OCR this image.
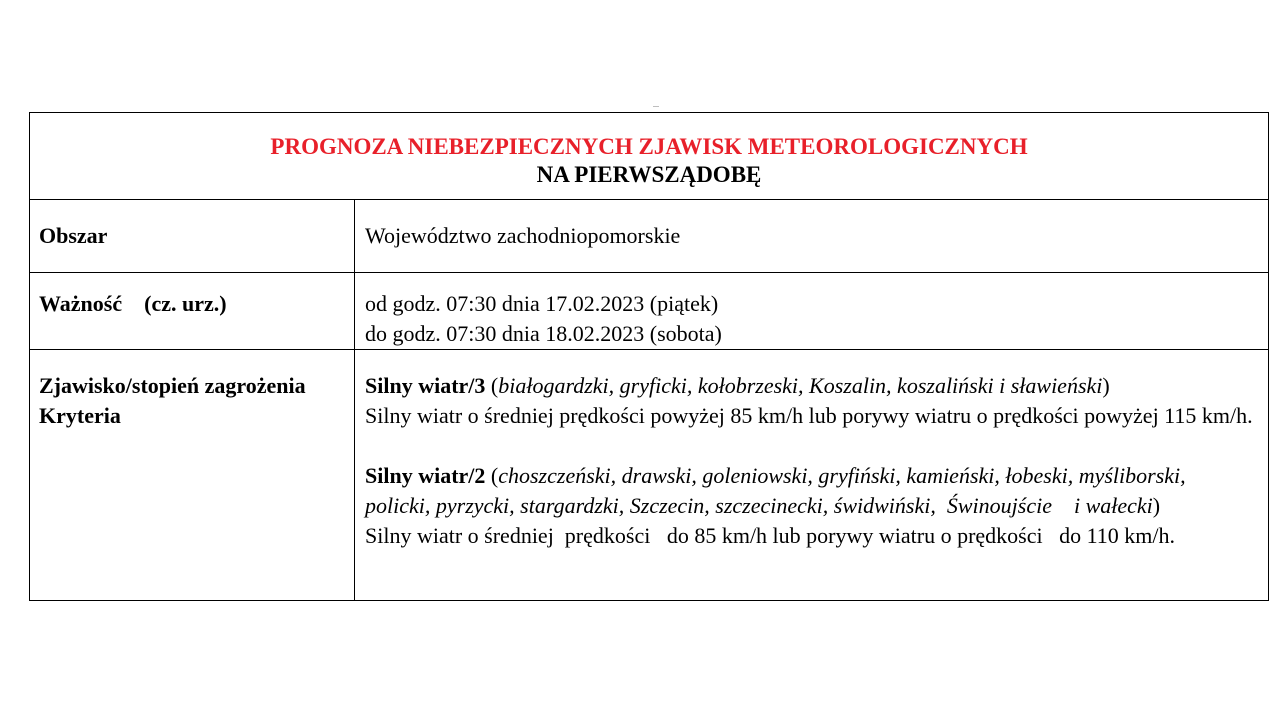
...
PROGNOZA NIEBEZPIECZNYCH ZJAWISK METEOROLOGICZNYCH
NA PIERWSZĄDOBĘ	

Obszar	Województwo zachodniopomorskie

Ważność    (cz. urz.)	od godz. 07:30 dnia 17.02.2023 (piątek)
do godz. 07:30 dnia 18.02.2023 (sobota)

Zjawisko/stopień zagrożenia
Kryteria	Silny wiatr/3 (białogardzki, gryficki, kołobrzeski, Koszalin, koszaliński i sławieński)
Silny wiatr o średniej prędkości powyżej 85 km/h lub porywy wiatru o prędkości powyżej 115 km/h.
Silny wiatr/2 (choszczeński, drawski, goleniowski, gryfiński, kamieński, łobeski, myśliborski, policki, pyrzycki, stargardzki, Szczecin, szczecinecki, świdwiński,  Świnoujście    i wałecki)
Silny wiatr o średniej  prędkości   do 85 km/h lub porywy wiatru o prędkości   do 110 km/h.
